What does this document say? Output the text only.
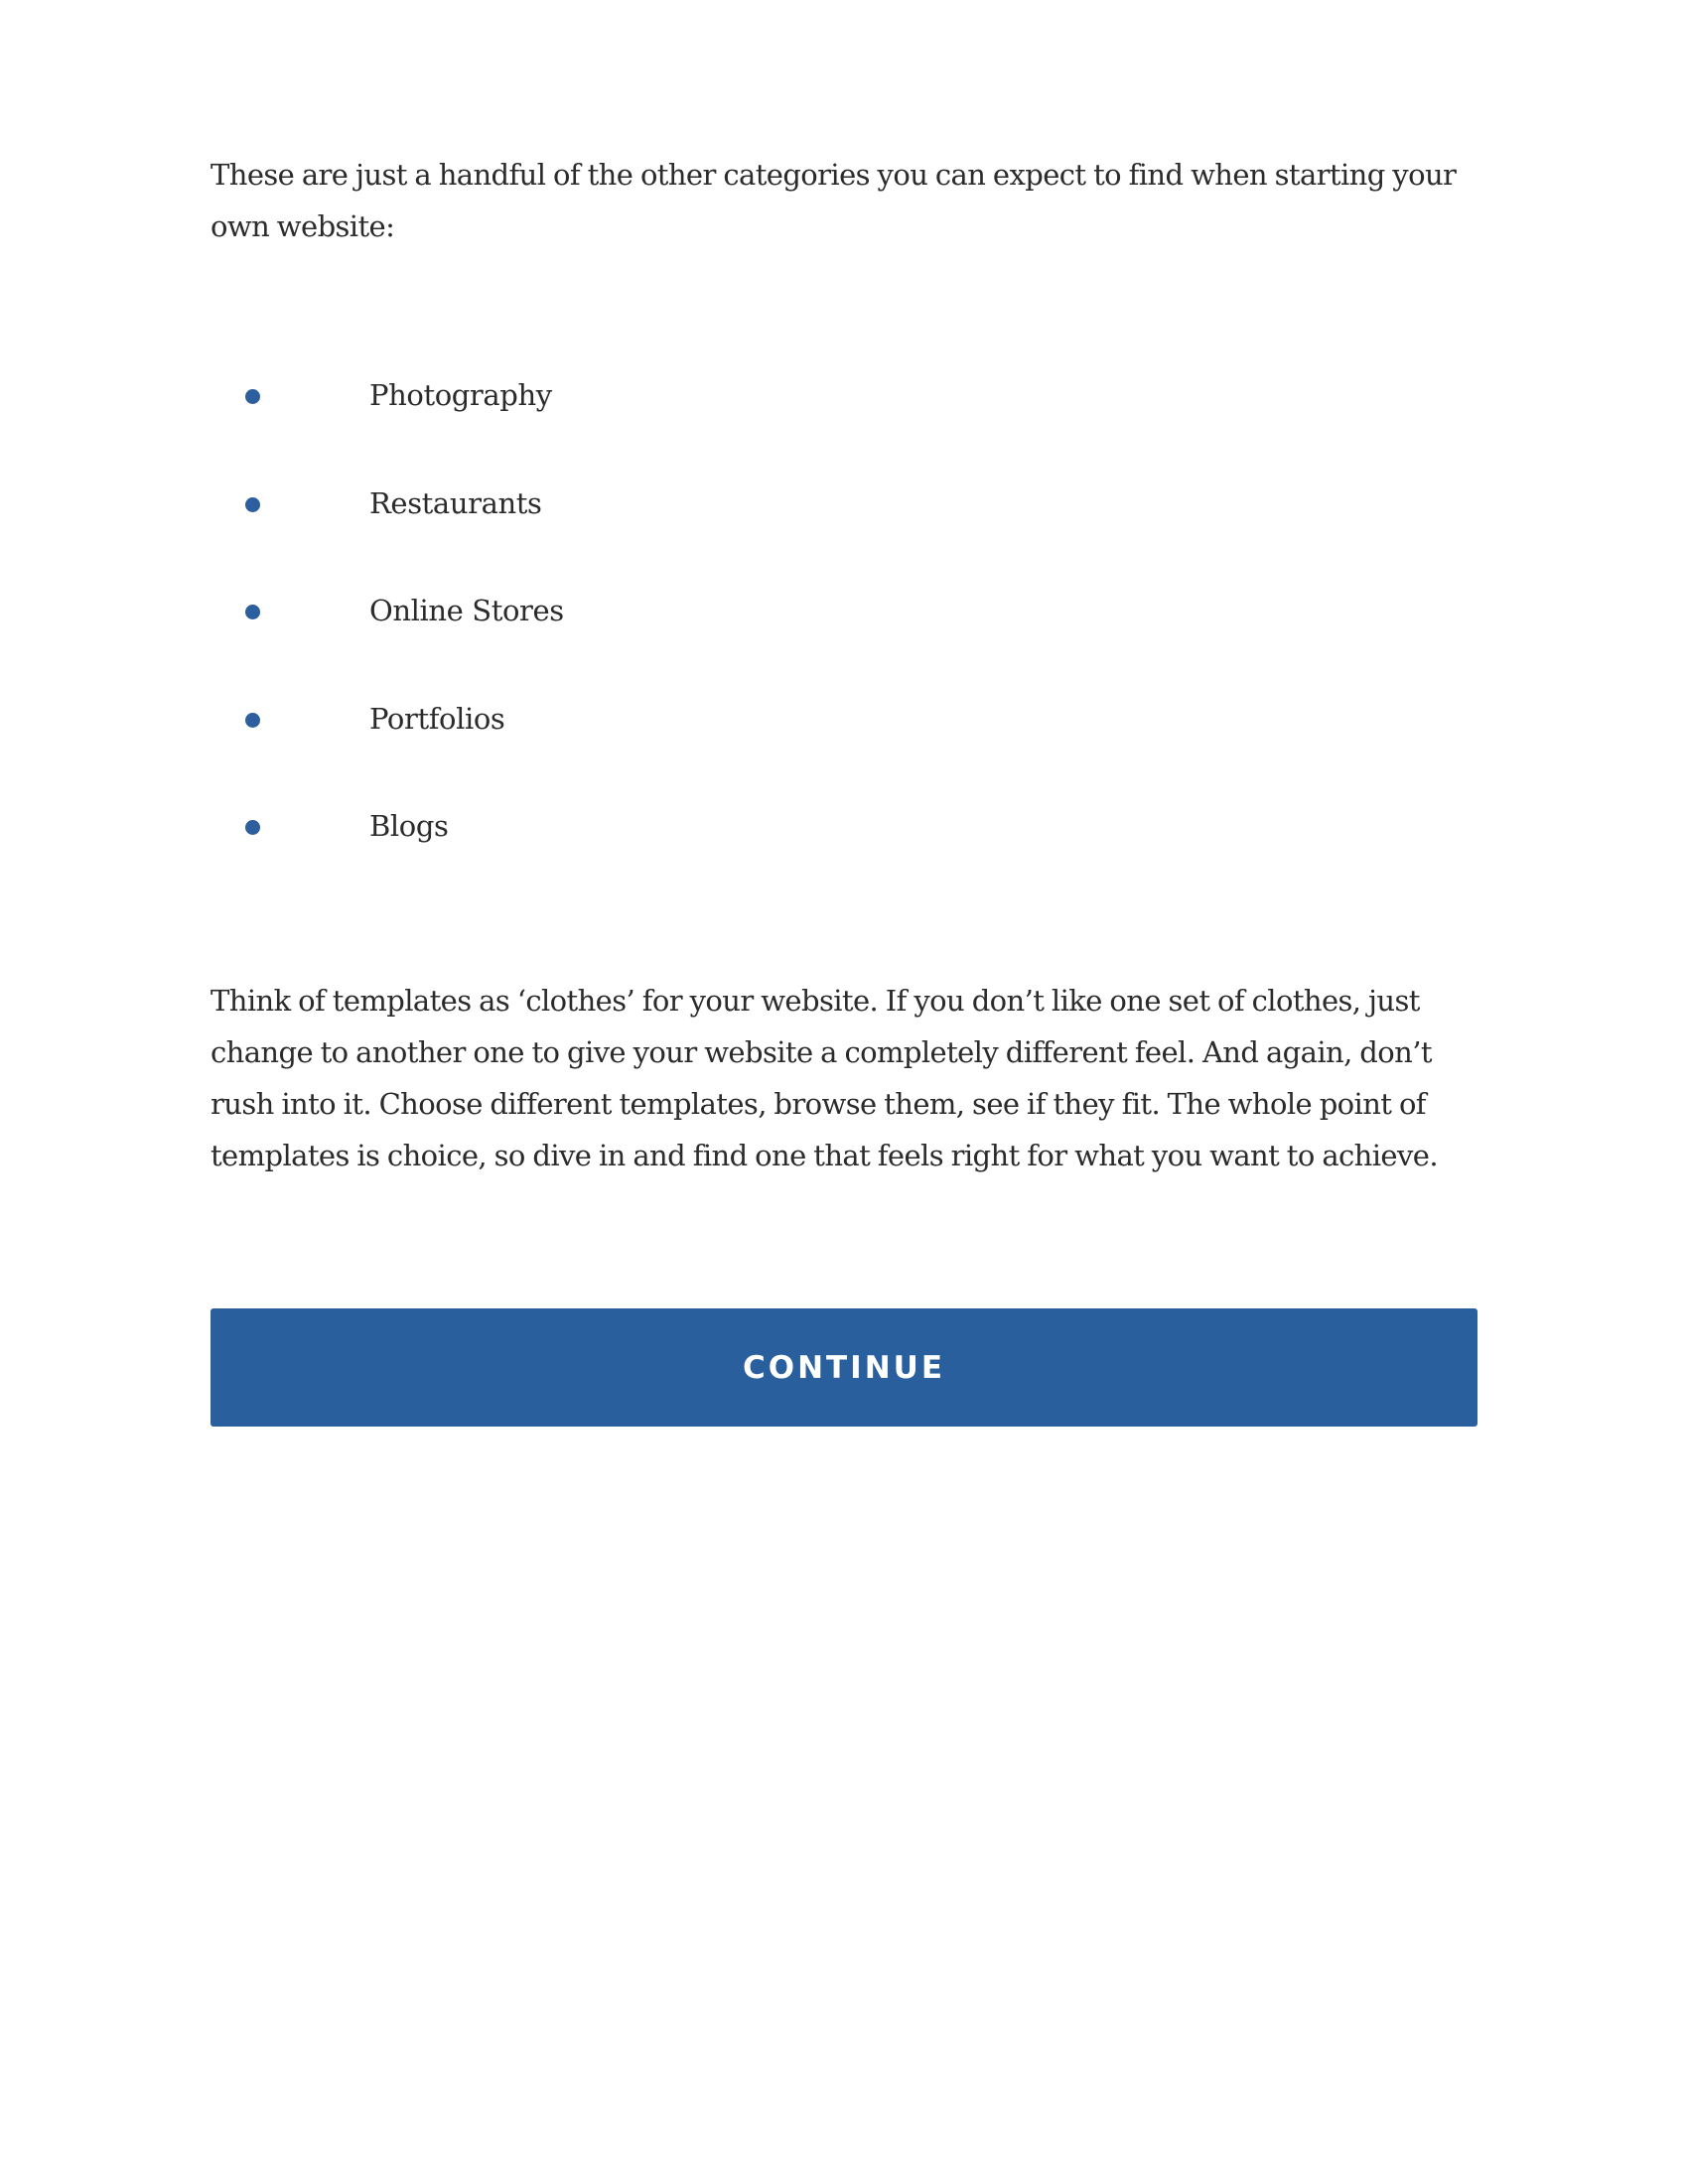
These are just a handful of the other categories you can expect to find when starting your own website:

Photography
Restaurants
Online Stores
Portfolios
Blogs

Think of templates as ‘clothes’ for your website. If you don’t like one set of clothes, just change to another one to give your website a completely different feel. And again, don’t rush into it. Choose different templates, browse them, see if they fit. The whole point of templates is choice, so dive in and find one that feels right for what you want to achieve.

CONTINUE
